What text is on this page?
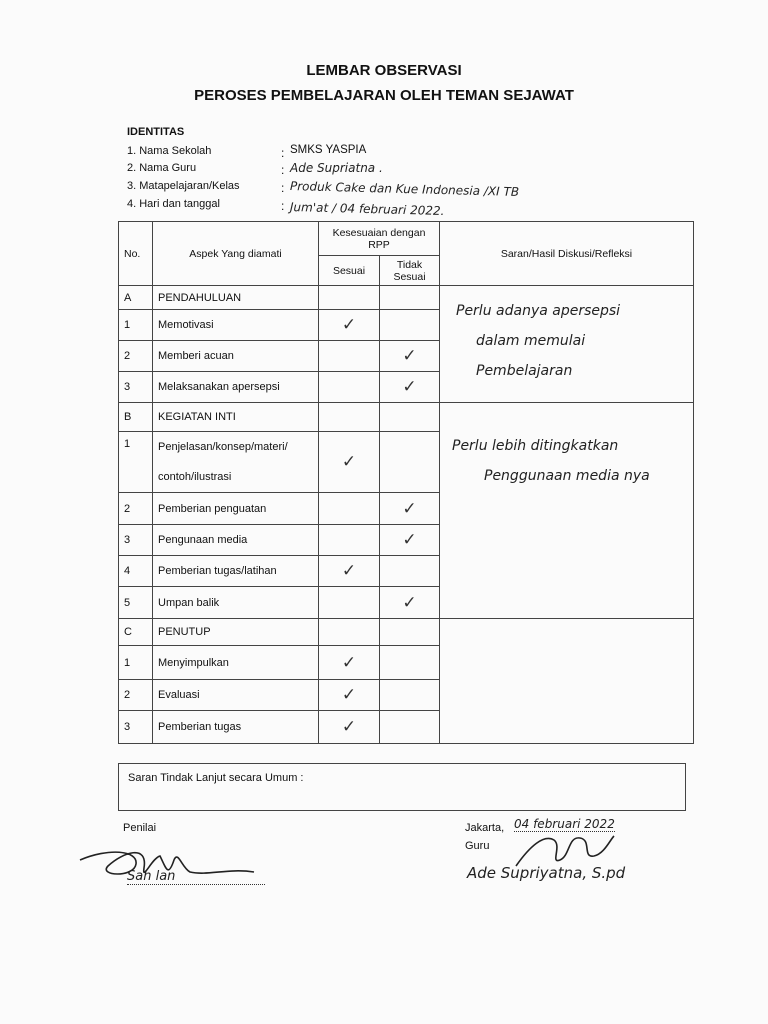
LEMBAR OBSERVASI
PEROSES PEMBELAJARAN OLEH TEMAN SEJAWAT
IDENTITAS
1. Nama Sekolah	: SMKS YASPIA
2. Nama Guru	: Ade Supriatna .
3. Matapelajaran/Kelas	: Produk Cake dan Kue Indonesia /XI TB
4. Hari dan tanggal	: Jum'at / 04 februari 2022.
No.	Aspek Yang diamati	Kesesuaian dengan RPP		Saran/Hasil Diskusi/Refleksi
		Sesuai	Tidak Sesuai	
A	PENDAHULUAN			Perlu adanya apersepsi
dalam memulai Pembelajaran

1	Memotivasi	✓		
2	Memberi acuan		✓	
3	Melaksanakan apersepsi		✓	
B	KEGIATAN INTI			Perlu lebih ditingkatkan
Penggunaan media nya

1	Penjelasan/konsep/materi/
contoh/ilustrasi	✓		
2	Pemberian penguatan		✓	
3	Pengunaan media		✓	
4	Pemberian tugas/latihan	✓		
5	Umpan balik		✓	
C	PENUTUP			
1	Menyimpulkan	✓		
2	Evaluasi	✓		
3	Pemberian tugas	✓		
Saran Tindak Lanjut secara Umum :
Penilai
Sah lan
Jakarta, 04 februari 2022
Guru
Ade Supriyatna, S.pd
